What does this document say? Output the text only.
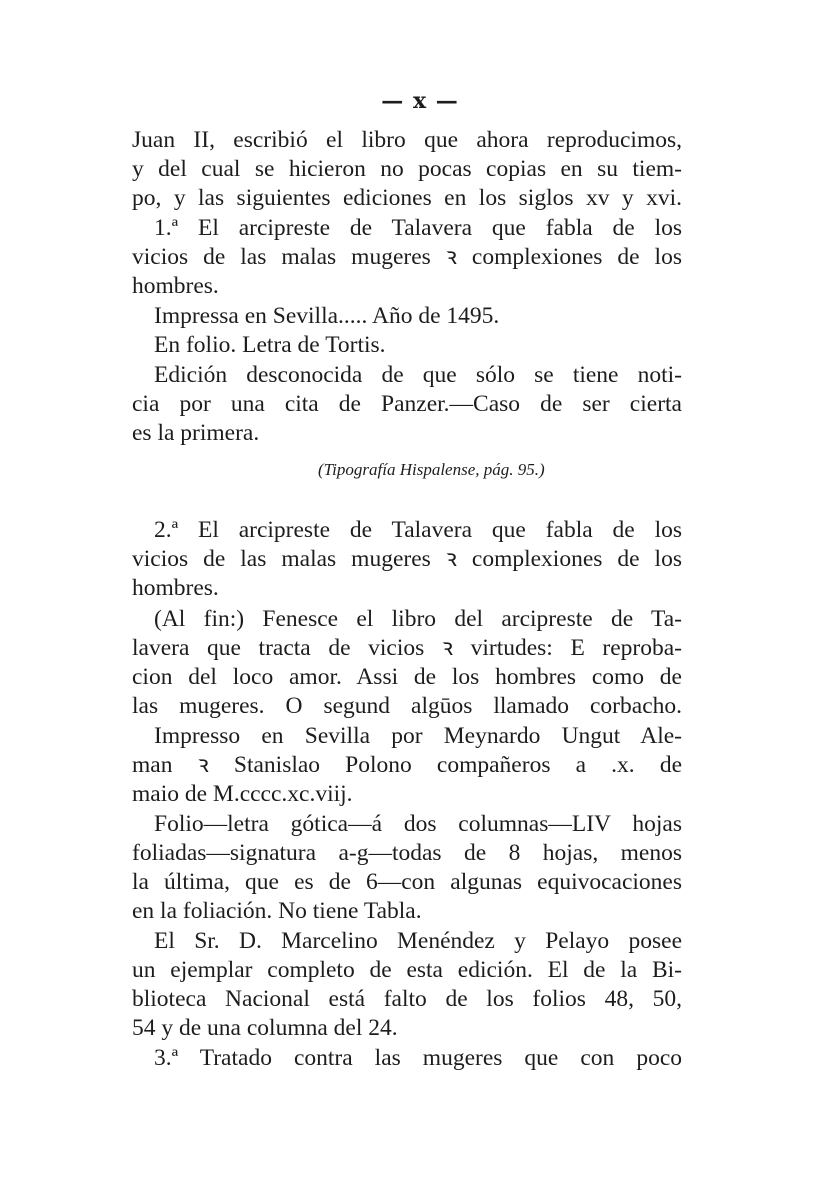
— x —
Juan II, escribió el libro que ahora reproducimos,
y del cual se hicieron no pocas copias en su tiem-
po, y las siguientes ediciones en los siglos xv y xvi.
1.ª El arcipreste de Talavera que fabla de los
vicios de las malas mugeres ꝛ complexiones de los
hombres.
Impressa en Sevilla..... Año de 1495.
En folio. Letra de Tortis.
Edición desconocida de que sólo se tiene noti-
cia por una cita de Panzer.—Caso de ser cierta
es la primera.
(Tipografía Hispalense, pág. 95.)
2.ª El arcipreste de Talavera que fabla de los
vicios de las malas mugeres ꝛ complexiones de los
hombres.
(Al fin:) Fenesce el libro del arcipreste de Ta-
lavera que tracta de vicios ꝛ virtudes: E reproba-
cion del loco amor. Assi de los hombres como de
las mugeres. O segund algūos llamado corbacho.
Impresso en Sevilla por Meynardo Ungut Ale-
man ꝛ Stanislao Polono compañeros a .x. de
maio de M.cccc.xc.viij.
Folio—letra gótica—á dos columnas—LIV hojas
foliadas—signatura a-g—todas de 8 hojas, menos
la última, que es de 6—con algunas equivocaciones
en la foliación. No tiene Tabla.
El Sr. D. Marcelino Menéndez y Pelayo posee
un ejemplar completo de esta edición. El de la Bi-
blioteca Nacional está falto de los folios 48, 50,
54 y de una columna del 24.
3.ª Tratado contra las mugeres que con poco
